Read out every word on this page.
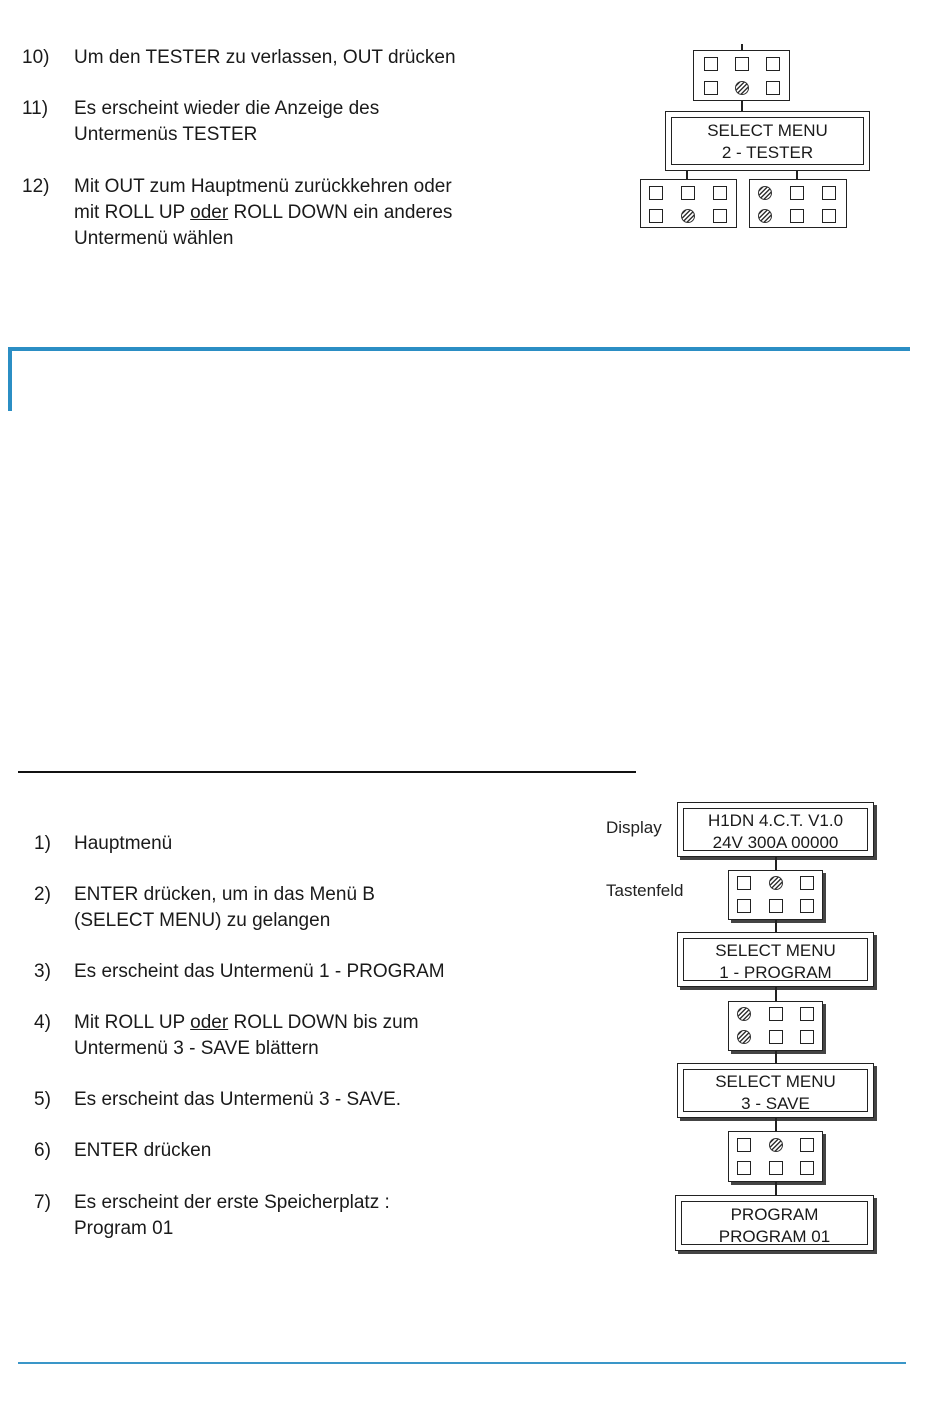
10)	Um den TESTER zu verlassen, OUT drücken
11)	Es erscheint wieder die Anzeige des
Untermenüs TESTER
12)	Mit OUT zum Hauptmenü zurückkehren oder
mit ROLL UP oder ROLL DOWN ein anderes
Untermenü wählen
SELECT MENU
2 - TESTER
1)	Hauptmenü
2)	ENTER drücken, um in das Menü B
(SELECT MENU) zu gelangen
3)	Es erscheint das Untermenü 1 - PROGRAM
4)	Mit ROLL UP oder ROLL DOWN bis zum
Untermenü 3 - SAVE blättern
5)	Es erscheint das Untermenü 3 - SAVE.
6)	ENTER drücken
7)	Es erscheint der erste Speicherplatz :
Program 01
Display
Tastenfeld
H1DN 4.C.T. V1.0
24V 300A 00000
SELECT MENU
1 - PROGRAM
SELECT MENU
3 - SAVE
PROGRAM
PROGRAM 01
